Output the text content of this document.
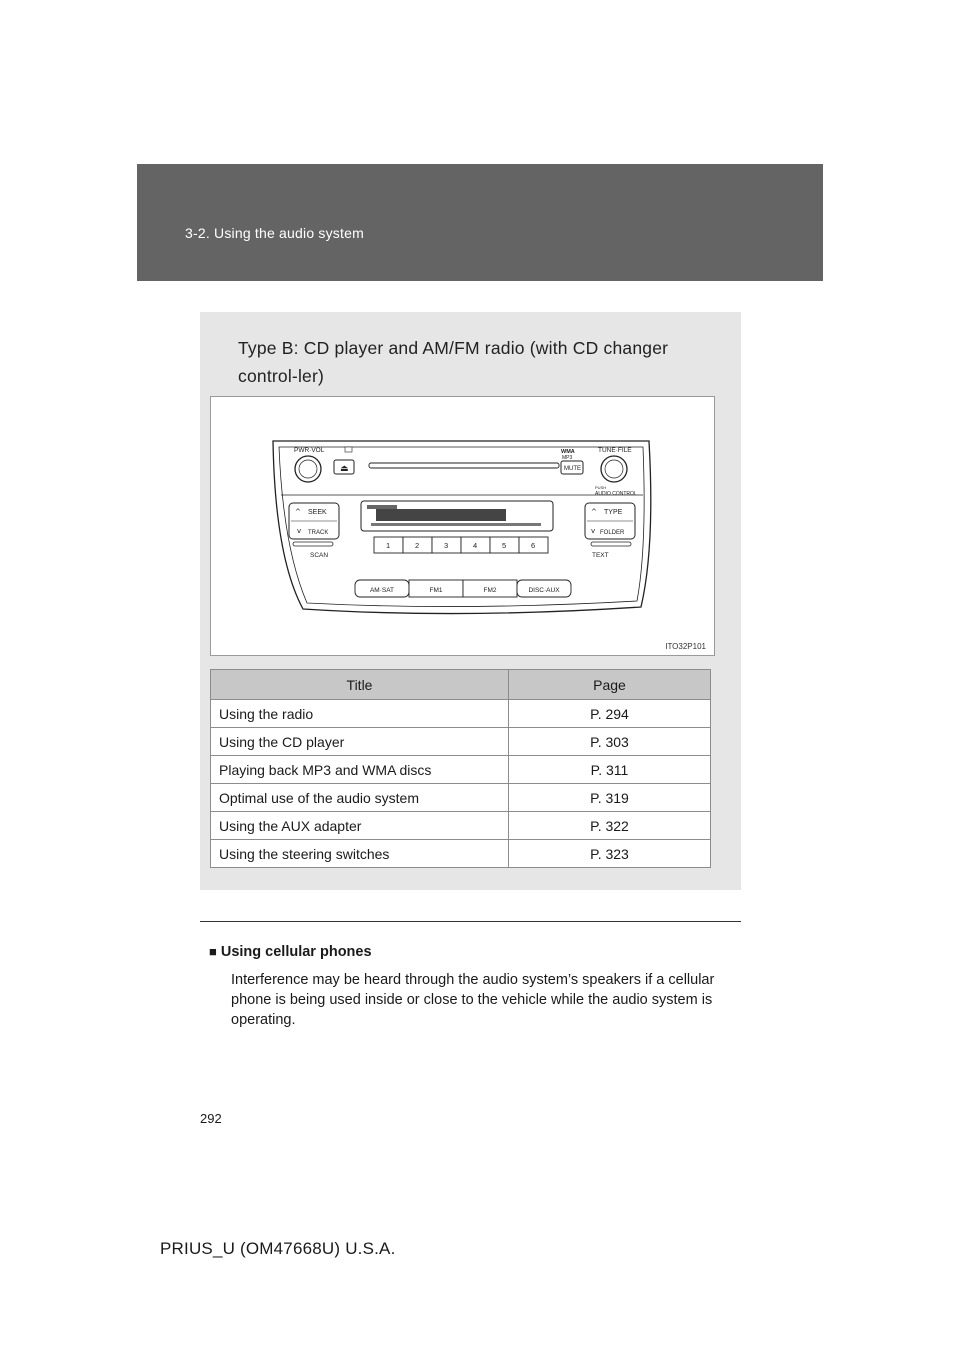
3-2. Using the audio system
Type B: CD player and AM/FM radio (with CD changer control-ler)
PWR·VOL
⏏
WMA
MP3
MUTE
TUNE·FILE
PUSH
AUDIO CONTROL
^ SEEK
v TRACK
SCAN
^ TYPE
v FOLDER
TEXT
1	2	3	4	5	6
AM·SAT	FM1	FM2	DISC·AUX
ITO32P101
Title	Page
Using the radio	P. 294
Using the CD player	P. 303
Playing back MP3 and WMA discs	P. 311
Optimal use of the audio system	P. 319
Using the AUX adapter	P. 322
Using the steering switches	P. 323
■ Using cellular phones
Interference may be heard through the audio system’s speakers if a cellular phone is being used inside or close to the vehicle while the audio system is operating.
292
PRIUS_U (OM47668U) U.S.A.
